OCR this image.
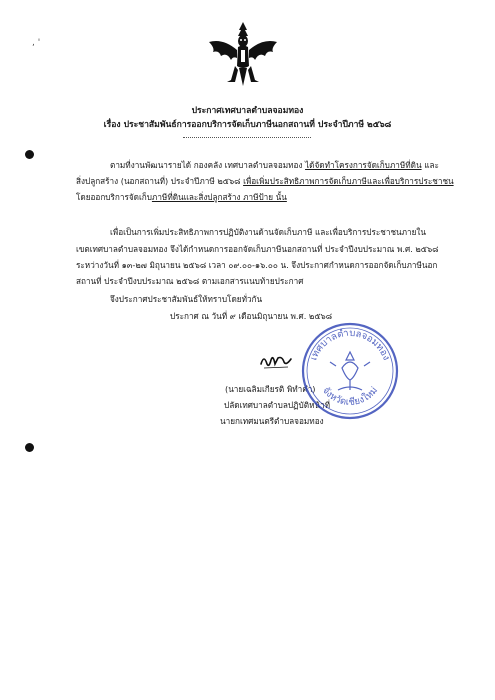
, '
ประกาศเทศบาลตำบลจอมทอง
เรื่อง ประชาสัมพันธ์การออกบริการจัดเก็บภาษีนอกสถานที่ ประจำปีภาษี ๒๕๖๘
ตามที่งานพัฒนารายได้ กองคลัง เทศบาลตำบลจอมทอง ได้จัดทำโครงการจัดเก็บภาษีที่ดิน และ
สิ่งปลูกสร้าง (นอกสถานที่) ประจำปีภาษี ๒๕๖๘ เพื่อเพิ่มประสิทธิภาพการจัดเก็บภาษีและเพื่อบริการประชาชน
โดยออกบริการจัดเก็บภาษีที่ดินและสิ่งปลูกสร้าง ภาษีป้าย นั้น
เพื่อเป็นการเพิ่มประสิทธิภาพการปฏิบัติงานด้านจัดเก็บภาษี และเพื่อบริการประชาชนภายใน
เขตเทศบาลตำบลจอมทอง จึงได้กำหนดการออกจัดเก็บภาษีนอกสถานที่ ประจำปีงบประมาณ พ.ศ. ๒๕๖๘
ระหว่างวันที่ ๑๓-๒๗ มิถุนายน ๒๕๖๘ เวลา ๐๙.๐๐-๑๖.๐๐ น. จึงประกาศกำหนดการออกจัดเก็บภาษีนอก
สถานที่ ประจำปีงบประมาณ ๒๕๖๘ ตามเอกสารแนบท้ายประกาศ
จึงประกาศประชาสัมพันธ์ให้ทราบโดยทั่วกัน
ประกาศ ณ วันที่ ๙ เดือนมิถุนายน พ.ศ. ๒๕๖๘
(นายเฉลิมเกียรติ พิทำคำ)
ปลัดเทศบาลตำบลปฏิบัติหน้าที่
นายกเทศมนตรีตำบลจอมทอง
เทศบาลตำบลจอมทอง
จังหวัดเชียงใหม่
